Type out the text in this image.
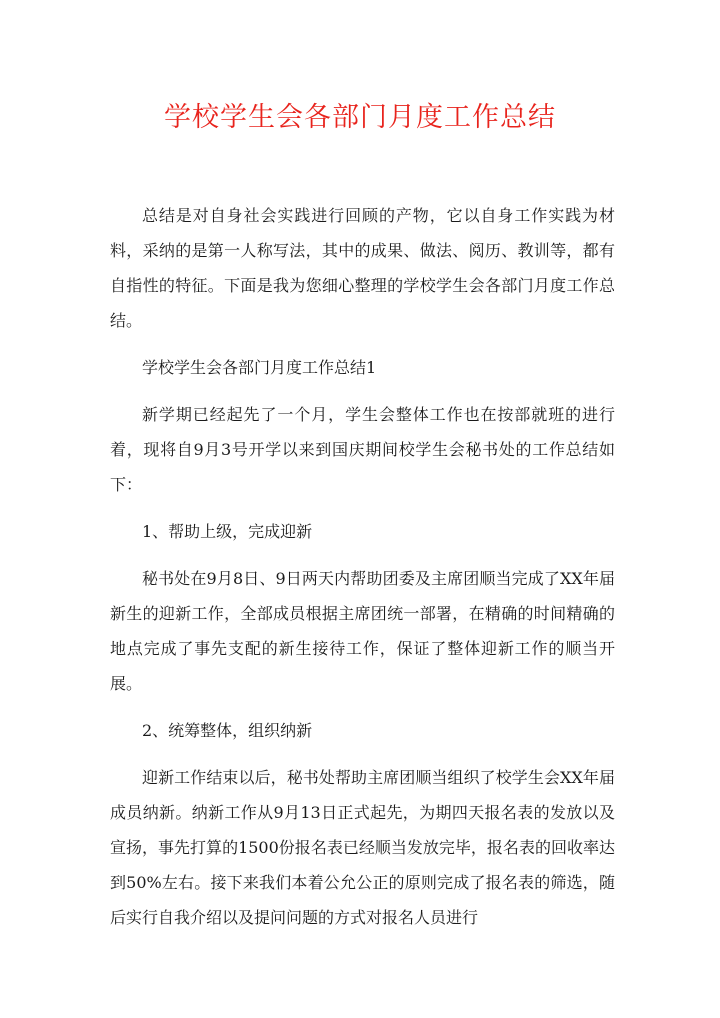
学校学生会各部门月度工作总结

总结是对自身社会实践进行回顾的产物，它以自身工作实践为材料，采纳的是第一人称写法，其中的成果、做法、阅历、教训等，都有自指性的特征。下面是我为您细心整理的学校学生会各部门月度工作总结。

学校学生会各部门月度工作总结1

新学期已经起先了一个月，学生会整体工作也在按部就班的进行着，现将自9月3号开学以来到国庆期间校学生会秘书处的工作总结如下：

1、帮助上级，完成迎新

秘书处在9月8日、9日两天内帮助团委及主席团顺当完成了XX年届新生的迎新工作，全部成员根据主席团统一部署，在精确的时间精确的地点完成了事先支配的新生接待工作，保证了整体迎新工作的顺当开展。

2、统筹整体，组织纳新

迎新工作结束以后，秘书处帮助主席团顺当组织了校学生会XX年届成员纳新。纳新工作从9月13日正式起先，为期四天报名表的发放以及宣扬，事先打算的1500份报名表已经顺当发放完毕，报名表的回收率达到50%左右。接下来我们本着公允公正的原则完成了报名表的筛选，随后实行自我介绍以及提问问题的方式对报名人员进行
